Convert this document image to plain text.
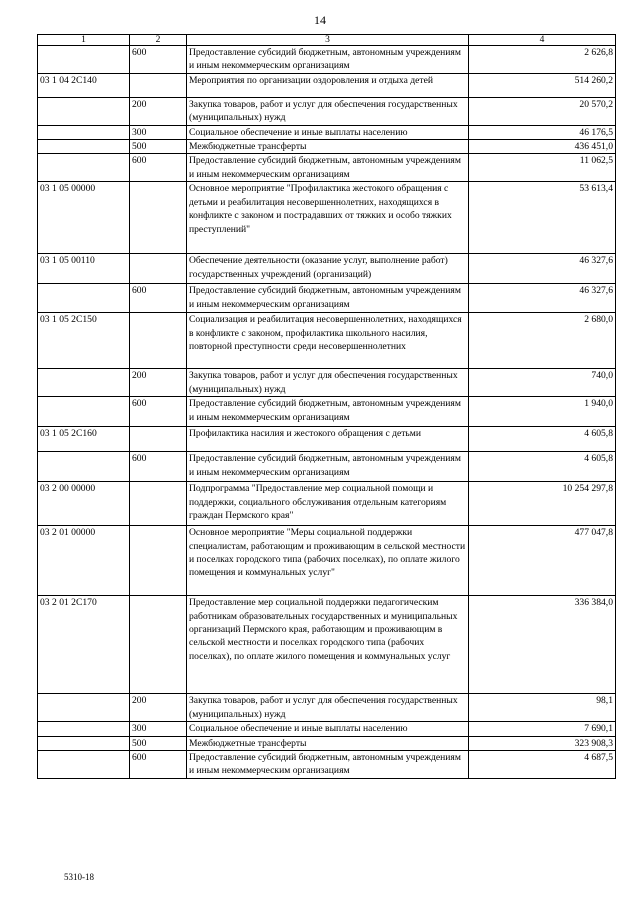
14
1	2	3	4
	600	Предоставление субсидий бюджетным, автономным учреждениям и иным некоммерческим организациям	2 626,8
03 1 04 2С140		Мероприятия по организации оздоровления и отдыха детей	514 260,2
	200	Закупка товаров, работ и услуг для обеспечения государственных (муниципальных) нужд	20 570,2
	300	Социальное обеспечение и иные выплаты населению	46 176,5
	500	Межбюджетные трансферты	436 451,0
	600	Предоставление субсидий бюджетным, автономным учреждениям и иным некоммерческим организациям	11 062,5
03 1 05 00000		Основное мероприятие "Профилактика жестокого обращения с детьми и реабилитация несовершеннолетних, находящихся в конфликте с законом и пострадавших от тяжких и особо тяжких преступлений"	53 613,4
03 1 05 00110		Обеспечение деятельности (оказание услуг, выполнение работ) государственных учреждений (организаций)	46 327,6
	600	Предоставление субсидий бюджетным, автономным учреждениям и иным некоммерческим организациям	46 327,6
03 1 05 2С150		Социализация и реабилитация несовершеннолетних, находящихся в конфликте с законом, профилактика школьного насилия, повторной преступности среди несовершеннолетних	2 680,0
	200	Закупка товаров, работ и услуг для обеспечения государственных (муниципальных) нужд	740,0
	600	Предоставление субсидий бюджетным, автономным учреждениям и иным некоммерческим организациям	1 940,0
03 1 05 2С160		Профилактика насилия и жестокого обращения с детьми	4 605,8
	600	Предоставление субсидий бюджетным, автономным учреждениям и иным некоммерческим организациям	4 605,8
03 2 00 00000		Подпрограмма "Предоставление мер социальной помощи и поддержки, социального обслуживания отдельным категориям граждан Пермского края"	10 254 297,8
03 2 01 00000		Основное мероприятие "Меры социальной поддержки специалистам, работающим и проживающим в сельской местности и поселках городского типа (рабочих поселках), по оплате жилого помещения и коммунальных услуг"	477 047,8
03 2 01 2С170		Предоставление мер социальной поддержки педагогическим работникам образовательных государственных и муниципальных организаций Пермского края, работающим и проживающим в сельской местности и поселках городского типа (рабочих поселках), по оплате жилого помещения и коммунальных услуг	336 384,0
	200	Закупка товаров, работ и услуг для обеспечения государственных (муниципальных) нужд	98,1
	300	Социальное обеспечение и иные выплаты населению	7 690,1
	500	Межбюджетные трансферты	323 908,3
	600	Предоставление субсидий бюджетным, автономным учреждениям и иным некоммерческим организациям	4 687,5
5310-18
